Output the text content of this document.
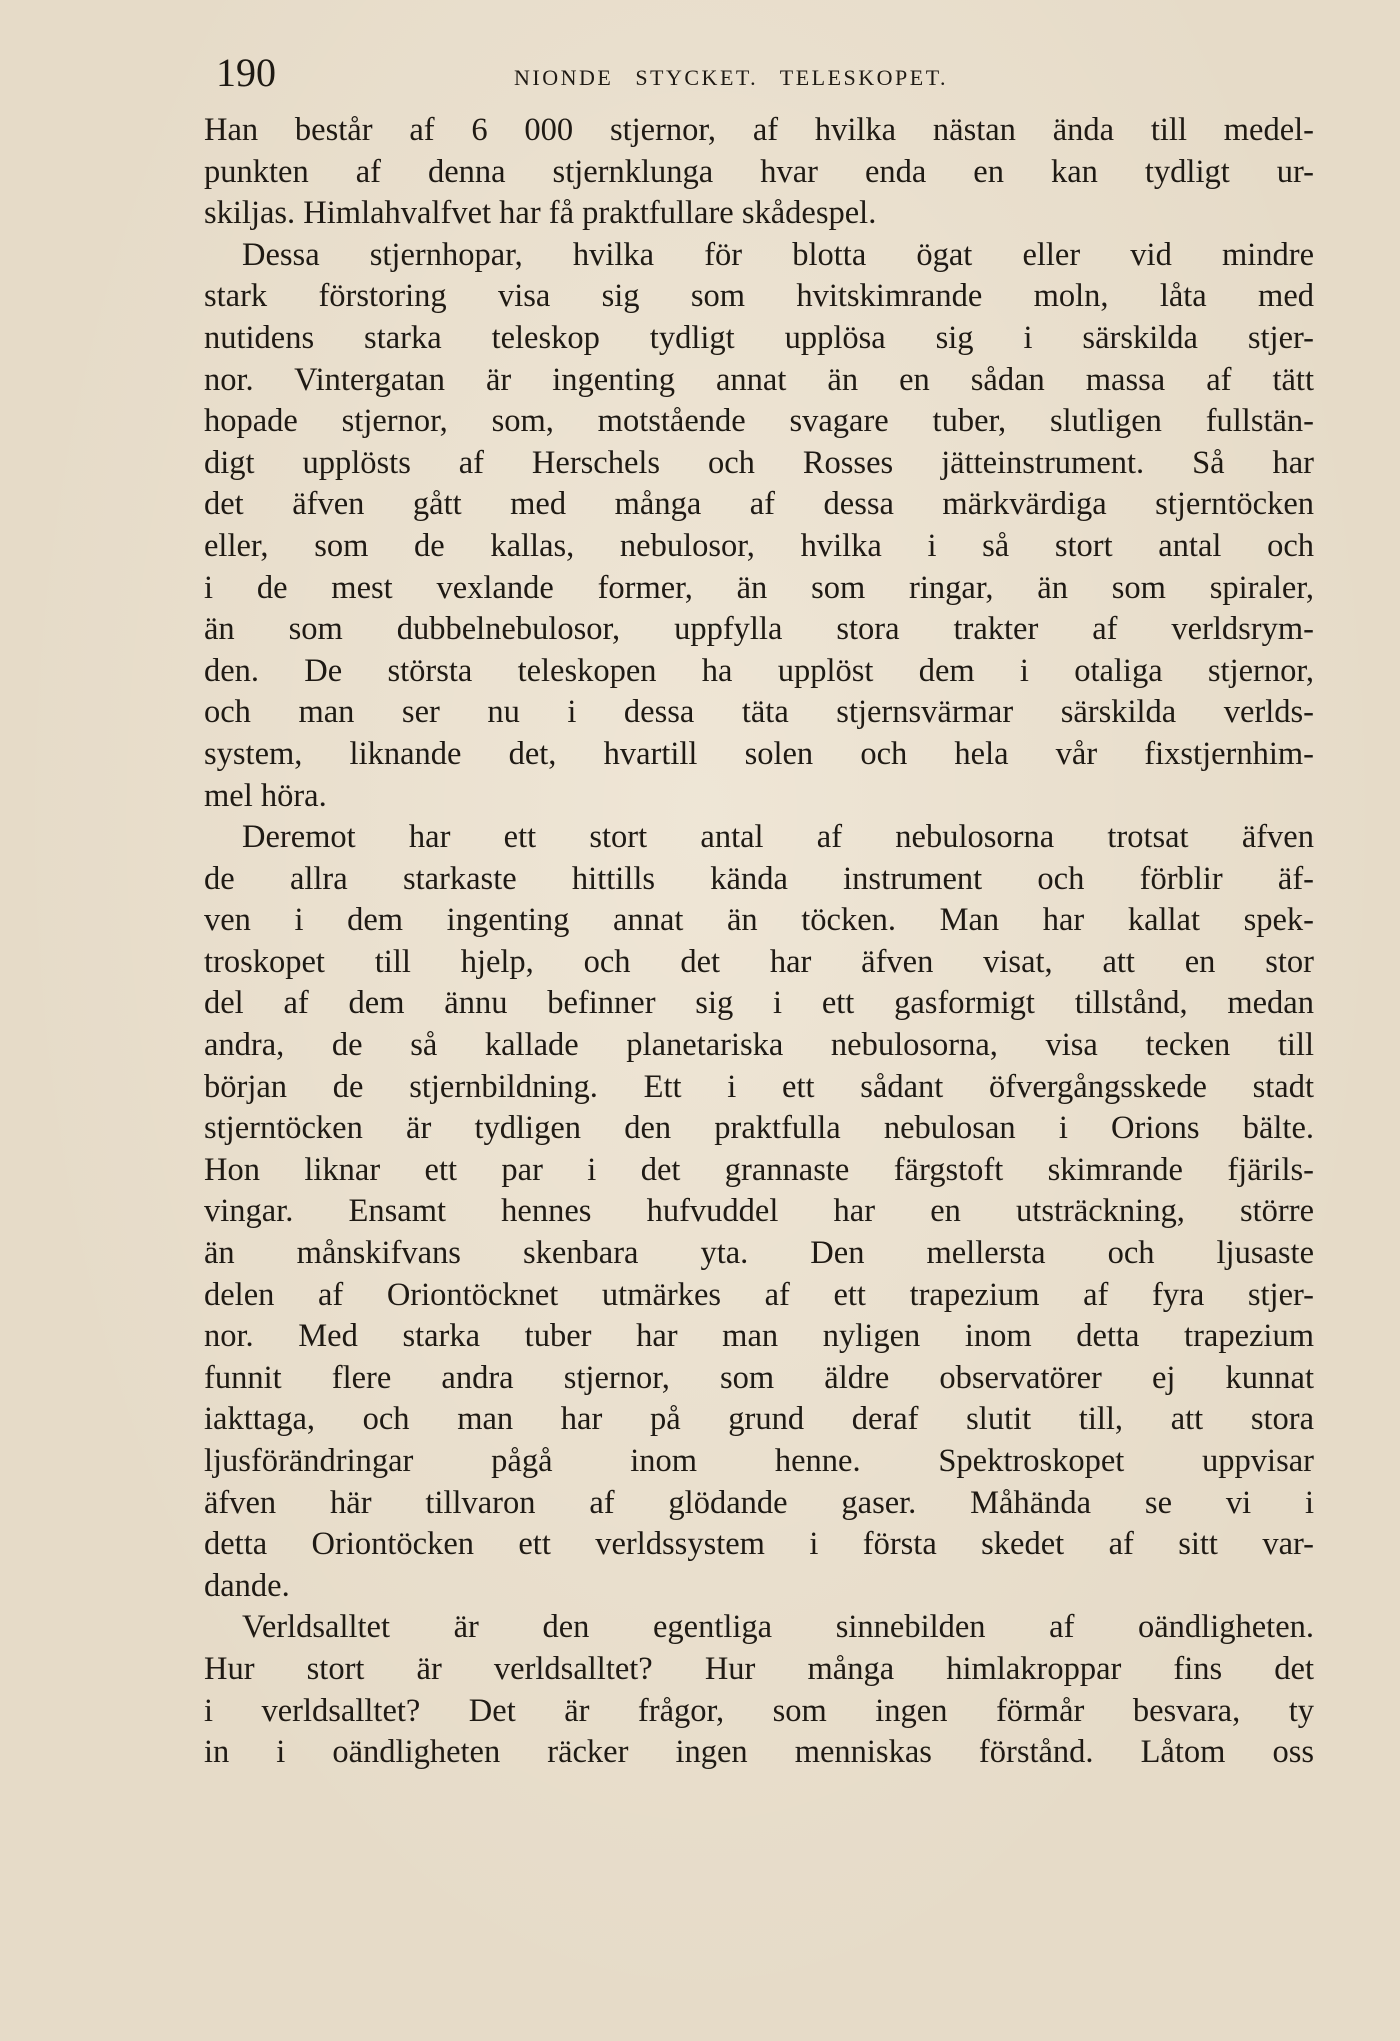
190	NIONDE STYCKET. TELESKOPET.
Han består af 6 000 stjernor, af hvilka nästan ända till medel-
punkten af denna stjernklunga hvar enda en kan tydligt ur-
skiljas. Himlahvalfvet har få praktfullare skådespel.
Dessa stjernhopar, hvilka för blotta ögat eller vid mindre
stark förstoring visa sig som hvitskimrande moln, låta med
nutidens starka teleskop tydligt upplösa sig i särskilda stjer-
nor. Vintergatan är ingenting annat än en sådan massa af tätt
hopade stjernor, som, motstående svagare tuber, slutligen fullstän-
digt upplösts af Herschels och Rosses jätteinstrument. Så har
det äfven gått med många af dessa märkvärdiga stjerntöcken
eller, som de kallas, nebulosor, hvilka i så stort antal och
i de mest vexlande former, än som ringar, än som spiraler,
än som dubbelnebulosor, uppfylla stora trakter af verldsrym-
den. De största teleskopen ha upplöst dem i otaliga stjernor,
och man ser nu i dessa täta stjernsvärmar särskilda verlds-
system, liknande det, hvartill solen och hela vår fixstjernhim-
mel höra.
Deremot har ett stort antal af nebulosorna trotsat äfven
de allra starkaste hittills kända instrument och förblir äf-
ven i dem ingenting annat än töcken. Man har kallat spek-
troskopet till hjelp, och det har äfven visat, att en stor
del af dem ännu befinner sig i ett gasformigt tillstånd, medan
andra, de så kallade planetariska nebulosorna, visa tecken till
början de stjernbildning. Ett i ett sådant öfvergångsskede stadt
stjerntöcken är tydligen den praktfulla nebulosan i Orions bälte.
Hon liknar ett par i det grannaste färgstoft skimrande fjärils-
vingar. Ensamt hennes hufvuddel har en utsträckning, större
än månskifvans skenbara yta. Den mellersta och ljusaste
delen af Oriontöcknet utmärkes af ett trapezium af fyra stjer-
nor. Med starka tuber har man nyligen inom detta trapezium
funnit flere andra stjernor, som äldre observatörer ej kunnat
iakttaga, och man har på grund deraf slutit till, att stora
ljusförändringar pågå inom henne. Spektroskopet uppvisar
äfven här tillvaron af glödande gaser. Måhända se vi i
detta Oriontöcken ett verldssystem i första skedet af sitt var-
dande.
Verldsalltet är den egentliga sinnebilden af oändligheten.
Hur stort är verldsalltet? Hur många himlakroppar fins det
i verldsalltet? Det är frågor, som ingen förmår besvara, ty
in i oändligheten räcker ingen menniskas förstånd. Låtom oss
